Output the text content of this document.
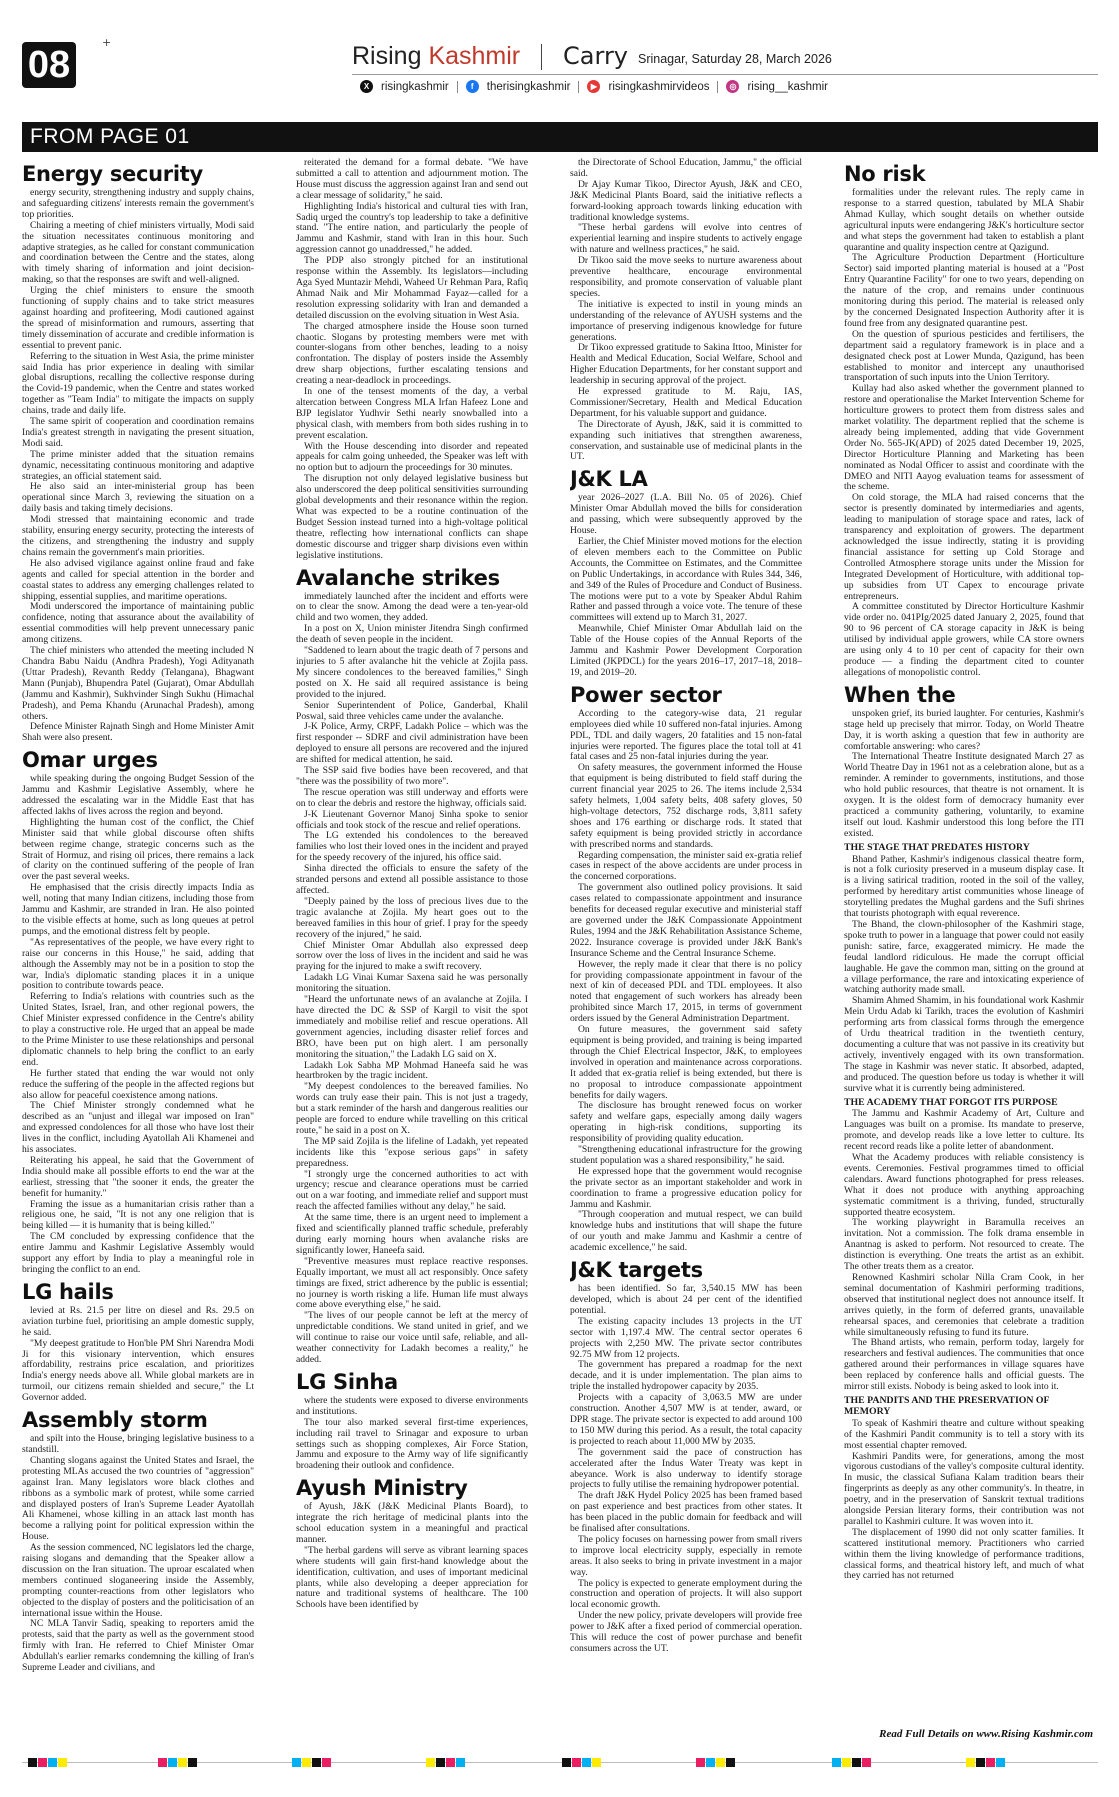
08
+	Rising Kashmir Carry Srinagar, Saturday 28, March 2026
X	risingkashmir	f	therisingkashmir	▶ risingkashmirvideos	◎ rising__kashmir
FROM PAGE 01
Energy security

energy security, strengthening industry and supply chains, and safeguarding citizens' interests remain the government's top priorities.

Chairing a meeting of chief ministers virtually, Modi said the situation necessitates continuous monitoring and adaptive strategies, as he called for constant communication and coordination between the Centre and the states, along with timely sharing of information and joint decision-making, so that the responses are swift and well-aligned.

Urging the chief ministers to ensure the smooth functioning of supply chains and to take strict measures against hoarding and profiteering, Modi cautioned against the spread of misinformation and rumours, asserting that timely dissemination of accurate and credible information is essential to prevent panic.

Referring to the situation in West Asia, the prime minister said India has prior experience in dealing with similar global disruptions, recalling the collective response during the Covid-19 pandemic, when the Centre and states worked together as "Team India" to mitigate the impacts on supply chains, trade and daily life.

The same spirit of cooperation and coordination remains India's greatest strength in navigating the present situation, Modi said.

The prime minister added that the situation remains dynamic, necessitating continuous monitoring and adaptive strategies, an official statement said.

He also said an inter-ministerial group has been operational since March 3, reviewing the situation on a daily basis and taking timely decisions.

Modi stressed that maintaining economic and trade stability, ensuring energy security, protecting the interests of the citizens, and strengthening the industry and supply chains remain the government's main priorities.

He also advised vigilance against online fraud and fake agents and called for special attention in the border and coastal states to address any emerging challenges related to shipping, essential supplies, and maritime operations.

Modi underscored the importance of maintaining public confidence, noting that assurance about the availability of essential commodities will help prevent unnecessary panic among citizens.

The chief ministers who attended the meeting included N Chandra Babu Naidu (Andhra Pradesh), Yogi Adityanath (Uttar Pradesh), Revanth Reddy (Telangana), Bhagwant Mann (Punjab), Bhupendra Patel (Gujarat), Omar Abdullah (Jammu and Kashmir), Sukhvinder Singh Sukhu (Himachal Pradesh), and Pema Khandu (Arunachal Pradesh), among others.

Defence Minister Rajnath Singh and Home Minister Amit Shah were also present.

Omar urges

while speaking during the ongoing Budget Session of the Jammu and Kashmir Legislative Assembly, where he addressed the escalating war in the Middle East that has affected lakhs of lives across the region and beyond.

Highlighting the human cost of the conflict, the Chief Minister said that while global discourse often shifts between regime change, strategic concerns such as the Strait of Hormuz, and rising oil prices, there remains a lack of clarity on the continued suffering of the people of Iran over the past several weeks.

He emphasised that the crisis directly impacts India as well, noting that many Indian citizens, including those from Jammu and Kashmir, are stranded in Iran. He also pointed to the visible effects at home, such as long queues at petrol pumps, and the emotional distress felt by people.

"As representatives of the people, we have every right to raise our concerns in this House," he said, adding that although the Assembly may not be in a position to stop the war, India's diplomatic standing places it in a unique position to contribute towards peace.

Referring to India's relations with countries such as the United States, Israel, Iran, and other regional powers, the Chief Minister expressed confidence in the Centre's ability to play a constructive role. He urged that an appeal be made to the Prime Minister to use these relationships and personal diplomatic channels to help bring the conflict to an early end.

He further stated that ending the war would not only reduce the suffering of the people in the affected regions but also allow for peaceful coexistence among nations.

The Chief Minister strongly condemned what he described as an "unjust and illegal war imposed on Iran" and expressed condolences for all those who have lost their lives in the conflict, including Ayatollah Ali Khamenei and his associates.

Reiterating his appeal, he said that the Government of India should make all possible efforts to end the war at the earliest, stressing that "the sooner it ends, the greater the benefit for humanity."

Framing the issue as a humanitarian crisis rather than a religious one, he said, "It is not any one religion that is being killed — it is humanity that is being killed."

The CM concluded by expressing confidence that the entire Jammu and Kashmir Legislative Assembly would support any effort by India to play a meaningful role in bringing the conflict to an end.

LG hails

levied at Rs. 21.5 per litre on diesel and Rs. 29.5 on aviation turbine fuel, prioritising an ample domestic supply, he said.

"My deepest gratitude to Hon'ble PM Shri Narendra Modi Ji for this visionary intervention, which ensures affordability, restrains price escalation, and prioritizes India's energy needs above all. While global markets are in turmoil, our citizens remain shielded and secure," the Lt Governor added.

Assembly storm

and spilt into the House, bringing legislative business to a standstill.

Chanting slogans against the United States and Israel, the protesting MLAs accused the two countries of "aggression" against Iran. Many legislators wore black clothes and ribbons as a symbolic mark of protest, while some carried and displayed posters of Iran's Supreme Leader Ayatollah Ali Khamenei, whose killing in an attack last month has become a rallying point for political expression within the House.

As the session commenced, NC legislators led the charge, raising slogans and demanding that the Speaker allow a discussion on the Iran situation. The uproar escalated when members continued sloganeering inside the Assembly, prompting counter-reactions from other legislators who objected to the display of posters and the politicisation of an international issue within the House.

NC MLA Tanvir Sadiq, speaking to reporters amid the protests, said that the party as well as the government stood firmly with Iran. He referred to Chief Minister Omar Abdullah's earlier remarks condemning the killing of Iran's Supreme Leader and civilians, and

reiterated the demand for a formal debate. "We have submitted a call to attention and adjournment motion. The House must discuss the aggression against Iran and send out a clear message of solidarity," he said.

Highlighting India's historical and cultural ties with Iran, Sadiq urged the country's top leadership to take a definitive stand. "The entire nation, and particularly the people of Jammu and Kashmir, stand with Iran in this hour. Such aggression cannot go unaddressed," he added.

The PDP also strongly pitched for an institutional response within the Assembly. Its legislators—including Aga Syed Muntazir Mehdi, Waheed Ur Rehman Para, Rafiq Ahmad Naik and Mir Mohammad Fayaz—called for a resolution expressing solidarity with Iran and demanded a detailed discussion on the evolving situation in West Asia.

The charged atmosphere inside the House soon turned chaotic. Slogans by protesting members were met with counter-slogans from other benches, leading to a noisy confrontation. The display of posters inside the Assembly drew sharp objections, further escalating tensions and creating a near-deadlock in proceedings.

In one of the tensest moments of the day, a verbal altercation between Congress MLA Irfan Hafeez Lone and BJP legislator Yudhvir Sethi nearly snowballed into a physical clash, with members from both sides rushing in to prevent escalation.

With the House descending into disorder and repeated appeals for calm going unheeded, the Speaker was left with no option but to adjourn the proceedings for 30 minutes.

The disruption not only delayed legislative business but also underscored the deep political sensitivities surrounding global developments and their resonance within the region. What was expected to be a routine continuation of the Budget Session instead turned into a high-voltage political theatre, reflecting how international conflicts can shape domestic discourse and trigger sharp divisions even within legislative institutions.

Avalanche strikes

immediately launched after the incident and efforts were on to clear the snow. Among the dead were a ten-year-old child and two women, they added.

In a post on X, Union minister Jitendra Singh confirmed the death of seven people in the incident.

"Saddened to learn about the tragic death of 7 persons and injuries to 5 after avalanche hit the vehicle at Zojila pass. My sincere condolences to the bereaved families," Singh posted on X. He said all required assistance is being provided to the injured.

Senior Superintendent of Police, Ganderbal, Khalil Poswal, said three vehicles came under the avalanche.

J-K Police, Army, CRPF, Ladakh Police – which was the first responder -- SDRF and civil administration have been deployed to ensure all persons are recovered and the injured are shifted for medical attention, he said.

The SSP said five bodies have been recovered, and that "there was the possibility of two more".

The rescue operation was still underway and efforts were on to clear the debris and restore the highway, officials said.

J-K Lieutenant Governor Manoj Sinha spoke to senior officials and took stock of the rescue and relief operations.

The LG extended his condolences to the bereaved families who lost their loved ones in the incident and prayed for the speedy recovery of the injured, his office said.

Sinha directed the officials to ensure the safety of the stranded persons and extend all possible assistance to those affected.

"Deeply pained by the loss of precious lives due to the tragic avalanche at Zojila. My heart goes out to the bereaved families in this hour of grief. I pray for the speedy recovery of the injured," he said.

Chief Minister Omar Abdullah also expressed deep sorrow over the loss of lives in the incident and said he was praying for the injured to make a swift recovery.

Ladakh LG Vinai Kumar Saxena said he was personally monitoring the situation.

"Heard the unfortunate news of an avalanche at Zojila. I have directed the DC & SSP of Kargil to visit the spot immediately and mobilise relief and rescue operations. All government agencies, including disaster relief forces and BRO, have been put on high alert. I am personally monitoring the situation," the Ladakh LG said on X.

Ladakh Lok Sabha MP Mohmad Haneefa said he was heartbroken by the tragic incident.

"My deepest condolences to the bereaved families. No words can truly ease their pain. This is not just a tragedy, but a stark reminder of the harsh and dangerous realities our people are forced to endure while travelling on this critical route," he said in a post on X.

The MP said Zojila is the lifeline of Ladakh, yet repeated incidents like this "expose serious gaps" in safety preparedness.

"I strongly urge the concerned authorities to act with urgency; rescue and clearance operations must be carried out on a war footing, and immediate relief and support must reach the affected families without any delay," he said.

At the same time, there is an urgent need to implement a fixed and scientifically planned traffic schedule, preferably during early morning hours when avalanche risks are significantly lower, Haneefa said.

"Preventive measures must replace reactive responses. Equally important, we must all act responsibly. Once safety timings are fixed, strict adherence by the public is essential; no journey is worth risking a life. Human life must always come above everything else," he said.

"The lives of our people cannot be left at the mercy of unpredictable conditions. We stand united in grief, and we will continue to raise our voice until safe, reliable, and all-weather connectivity for Ladakh becomes a reality," he added.

LG Sinha

where the students were exposed to diverse environments and institutions.

The tour also marked several first-time experiences, including rail travel to Srinagar and exposure to urban settings such as shopping complexes, Air Force Station, Jammu and exposure to the Army way of life significantly broadening their outlook and confidence.

Ayush Ministry

of Ayush, J&K (J&K Medicinal Plants Board), to integrate the rich heritage of medicinal plants into the school education system in a meaningful and practical manner.

"The herbal gardens will serve as vibrant learning spaces where students will gain first-hand knowledge about the identification, cultivation, and uses of important medicinal plants, while also developing a deeper appreciation for nature and traditional systems of healthcare. The 100 Schools have been identified by

the Directorate of School Education, Jammu," the official said.

Dr Ajay Kumar Tikoo, Director Ayush, J&K and CEO, J&K Medicinal Plants Board, said the initiative reflects a forward-looking approach towards linking education with traditional knowledge systems.

"These herbal gardens will evolve into centres of experiential learning and inspire students to actively engage with nature and wellness practices," he said.

Dr Tikoo said the move seeks to nurture awareness about preventive healthcare, encourage environmental responsibility, and promote conservation of valuable plant species.

The initiative is expected to instil in young minds an understanding of the relevance of AYUSH systems and the importance of preserving indigenous knowledge for future generations.

Dr Tikoo expressed gratitude to Sakina Ittoo, Minister for Health and Medical Education, Social Welfare, School and Higher Education Departments, for her constant support and leadership in securing approval of the project.

He expressed gratitude to M. Raju, IAS, Commissioner/Secretary, Health and Medical Education Department, for his valuable support and guidance.

The Directorate of Ayush, J&K, said it is committed to expanding such initiatives that strengthen awareness, conservation, and sustainable use of medicinal plants in the UT.

J&K LA

year 2026–2027 (L.A. Bill No. 05 of 2026). Chief Minister Omar Abdullah moved the bills for consideration and passing, which were subsequently approved by the House.

Earlier, the Chief Minister moved motions for the election of eleven members each to the Committee on Public Accounts, the Committee on Estimates, and the Committee on Public Undertakings, in accordance with Rules 344, 346, and 349 of the Rules of Procedure and Conduct of Business. The motions were put to a vote by Speaker Abdul Rahim Rather and passed through a voice vote. The tenure of these committees will extend up to March 31, 2027.

Meanwhile, Chief Minister Omar Abdullah laid on the Table of the House copies of the Annual Reports of the Jammu and Kashmir Power Development Corporation Limited (JKPDCL) for the years 2016–17, 2017–18, 2018–19, and 2019–20.

Power sector

According to the category-wise data, 21 regular employees died while 10 suffered non-fatal injuries. Among PDL, TDL and daily wagers, 20 fatalities and 15 non-fatal injuries were reported. The figures place the total toll at 41 fatal cases and 25 non-fatal injuries during the year.

On safety measures, the government informed the House that equipment is being distributed to field staff during the current financial year 2025 to 26. The items include 2,534 safety helmets, 1,004 safety belts, 408 safety gloves, 50 high-voltage detectors, 752 discharge rods, 3,811 safety shoes and 176 earthing or discharge rods. It stated that safety equipment is being provided strictly in accordance with prescribed norms and standards.

Regarding compensation, the minister said ex-gratia relief cases in respect of the above accidents are under process in the concerned corporations.

The government also outlined policy provisions. It said cases related to compassionate appointment and insurance benefits for deceased regular executive and ministerial staff are governed under the J&K Compassionate Appointment Rules, 1994 and the J&K Rehabilitation Assistance Scheme, 2022. Insurance coverage is provided under J&K Bank's Insurance Scheme and the Central Insurance Scheme.

However, the reply made it clear that there is no policy for providing compassionate appointment in favour of the next of kin of deceased PDL and TDL employees. It also noted that engagement of such workers has already been prohibited since March 17, 2015, in terms of government orders issued by the General Administration Department.

On future measures, the government said safety equipment is being provided, and training is being imparted through the Chief Electrical Inspector, J&K, to employees involved in operation and maintenance across corporations. It added that ex-gratia relief is being extended, but there is no proposal to introduce compassionate appointment benefits for daily wagers.

The disclosure has brought renewed focus on worker safety and welfare gaps, especially among daily wagers operating in high-risk conditions, supporting its responsibility of providing quality education.

"Strengthening educational infrastructure for the growing student population was a shared responsibility," he said.

He expressed hope that the government would recognise the private sector as an important stakeholder and work in coordination to frame a progressive education policy for Jammu and Kashmir.

"Through cooperation and mutual respect, we can build knowledge hubs and institutions that will shape the future of our youth and make Jammu and Kashmir a centre of academic excellence," he said.

J&K targets

has been identified. So far, 3,540.15 MW has been developed, which is about 24 per cent of the identified potential.

The existing capacity includes 13 projects in the UT sector with 1,197.4 MW. The central sector operates 6 projects with 2,250 MW. The private sector contributes 92.75 MW from 12 projects.

The government has prepared a roadmap for the next decade, and it is under implementation. The plan aims to triple the installed hydropower capacity by 2035.

Projects with a capacity of 3,063.5 MW are under construction. Another 4,507 MW is at tender, award, or DPR stage. The private sector is expected to add around 100 to 150 MW during this period. As a result, the total capacity is projected to reach about 11,000 MW by 2035.

The government said the pace of construction has accelerated after the Indus Water Treaty was kept in abeyance. Work is also underway to identify storage projects to fully utilise the remaining hydropower potential.

The draft J&K Hydel Policy 2025 has been framed based on past experience and best practices from other states. It has been placed in the public domain for feedback and will be finalised after consultations.

The policy focuses on harnessing power from small rivers to improve local electricity supply, especially in remote areas. It also seeks to bring in private investment in a major way.

The policy is expected to generate employment during the construction and operation of projects. It will also support local economic growth.

Under the new policy, private developers will provide free power to J&K after a fixed period of commercial operation. This will reduce the cost of power purchase and benefit consumers across the UT.

No risk

formalities under the relevant rules. The reply came in response to a starred question, tabulated by MLA Shabir Ahmad Kullay, which sought details on whether outside agricultural inputs were endangering J&K's horticulture sector and what steps the government had taken to establish a plant quarantine and quality inspection centre at Qazigund.

The Agriculture Production Department (Horticulture Sector) said imported planting material is housed at a "Post Entry Quarantine Facility" for one to two years, depending on the nature of the crop, and remains under continuous monitoring during this period. The material is released only by the concerned Designated Inspection Authority after it is found free from any designated quarantine pest.

On the question of spurious pesticides and fertilisers, the department said a regulatory framework is in place and a designated check post at Lower Munda, Qazigund, has been established to monitor and intercept any unauthorised transportation of such inputs into the Union Territory.

Kullay had also asked whether the government planned to restore and operationalise the Market Intervention Scheme for horticulture growers to protect them from distress sales and market volatility. The department replied that the scheme is already being implemented, adding that vide Government Order No. 565-JK(APD) of 2025 dated December 19, 2025, Director Horticulture Planning and Marketing has been nominated as Nodal Officer to assist and coordinate with the DMEO and NITI Aayog evaluation teams for assessment of the scheme.

On cold storage, the MLA had raised concerns that the sector is presently dominated by intermediaries and agents, leading to manipulation of storage space and rates, lack of transparency and exploitation of growers. The department acknowledged the issue indirectly, stating it is providing financial assistance for setting up Cold Storage and Controlled Atmosphere storage units under the Mission for Integrated Development of Horticulture, with additional top-up subsidies from UT Capex to encourage private entrepreneurs.

A committee constituted by Director Horticulture Kashmir vide order no. 041PIg/2025 dated January 2, 2025, found that 90 to 96 percent of CA storage capacity in J&K is being utilised by individual apple growers, while CA store owners are using only 4 to 10 per cent of capacity for their own produce — a finding the department cited to counter allegations of monopolistic control.

When the

unspoken grief, its buried laughter. For centuries, Kashmir's stage held up precisely that mirror. Today, on World Theatre Day, it is worth asking a question that few in authority are comfortable answering: who cares?

The International Theatre Institute designated March 27 as World Theatre Day in 1961 not as a celebration alone, but as a reminder. A reminder to governments, institutions, and those who hold public resources, that theatre is not ornament. It is oxygen. It is the oldest form of democracy humanity ever practiced a community gathering, voluntarily, to examine itself out loud. Kashmir understood this long before the ITI existed.

THE STAGE THAT PREDATES HISTORY

Bhand Pather, Kashmir's indigenous classical theatre form, is not a folk curiosity preserved in a museum display case. It is a living satirical tradition, rooted in the soil of the valley, performed by hereditary artist communities whose lineage of storytelling predates the Mughal gardens and the Sufi shrines that tourists photograph with equal reverence.

The Bhand, the clown-philosopher of the Kashmiri stage, spoke truth to power in a language that power could not easily punish: satire, farce, exaggerated mimicry. He made the feudal landlord ridiculous. He made the corrupt official laughable. He gave the common man, sitting on the ground at a village performance, the rare and intoxicating experience of watching authority made small.

Shamim Ahmed Shamim, in his foundational work Kashmir Mein Urdu Adab ki Tarikh, traces the evolution of Kashmiri performing arts from classical forms through the emergence of Urdu theatrical tradition in the twentieth century, documenting a culture that was not passive in its creativity but actively, inventively engaged with its own transformation. The stage in Kashmir was never static. It absorbed, adapted, and produced. The question before us today is whether it will survive what it is currently being administered.

THE ACADEMY THAT FORGOT ITS PURPOSE

The Jammu and Kashmir Academy of Art, Culture and Languages was built on a promise. Its mandate to preserve, promote, and develop reads like a love letter to culture. Its recent record reads like a polite letter of abandonment.

What the Academy produces with reliable consistency is events. Ceremonies. Festival programmes timed to official calendars. Award functions photographed for press releases. What it does not produce with anything approaching systematic commitment is a thriving, funded, structurally supported theatre ecosystem.

The working playwright in Baramulla receives an invitation. Not a commission. The folk drama ensemble in Anantnag is asked to perform. Not resourced to create. The distinction is everything. One treats the artist as an exhibit. The other treats them as a creator.

Renowned Kashmiri scholar Nilla Cram Cook, in her seminal documentation of Kashmiri performing traditions, observed that institutional neglect does not announce itself. It arrives quietly, in the form of deferred grants, unavailable rehearsal spaces, and ceremonies that celebrate a tradition while simultaneously refusing to fund its future.

The Bhand artists, who remain, perform today, largely for researchers and festival audiences. The communities that once gathered around their performances in village squares have been replaced by conference halls and official guests. The mirror still exists. Nobody is being asked to look into it.

THE PANDITS AND THE PRESERVATION OF MEMORY

To speak of Kashmiri theatre and culture without speaking of the Kashmiri Pandit community is to tell a story with its most essential chapter removed.

Kashmiri Pandits were, for generations, among the most vigorous custodians of the valley's composite cultural identity. In music, the classical Sufiana Kalam tradition bears their fingerprints as deeply as any other community's. In theatre, in poetry, and in the preservation of Sanskrit textual traditions alongside Persian literary forms, their contribution was not parallel to Kashmiri culture. It was woven into it.

The displacement of 1990 did not only scatter families. It scattered institutional memory. Practitioners who carried within them the living knowledge of performance traditions, classical forms, and theatrical history left, and much of what they carried has not returned

Read Full Details on www.Rising Kashmir.com
